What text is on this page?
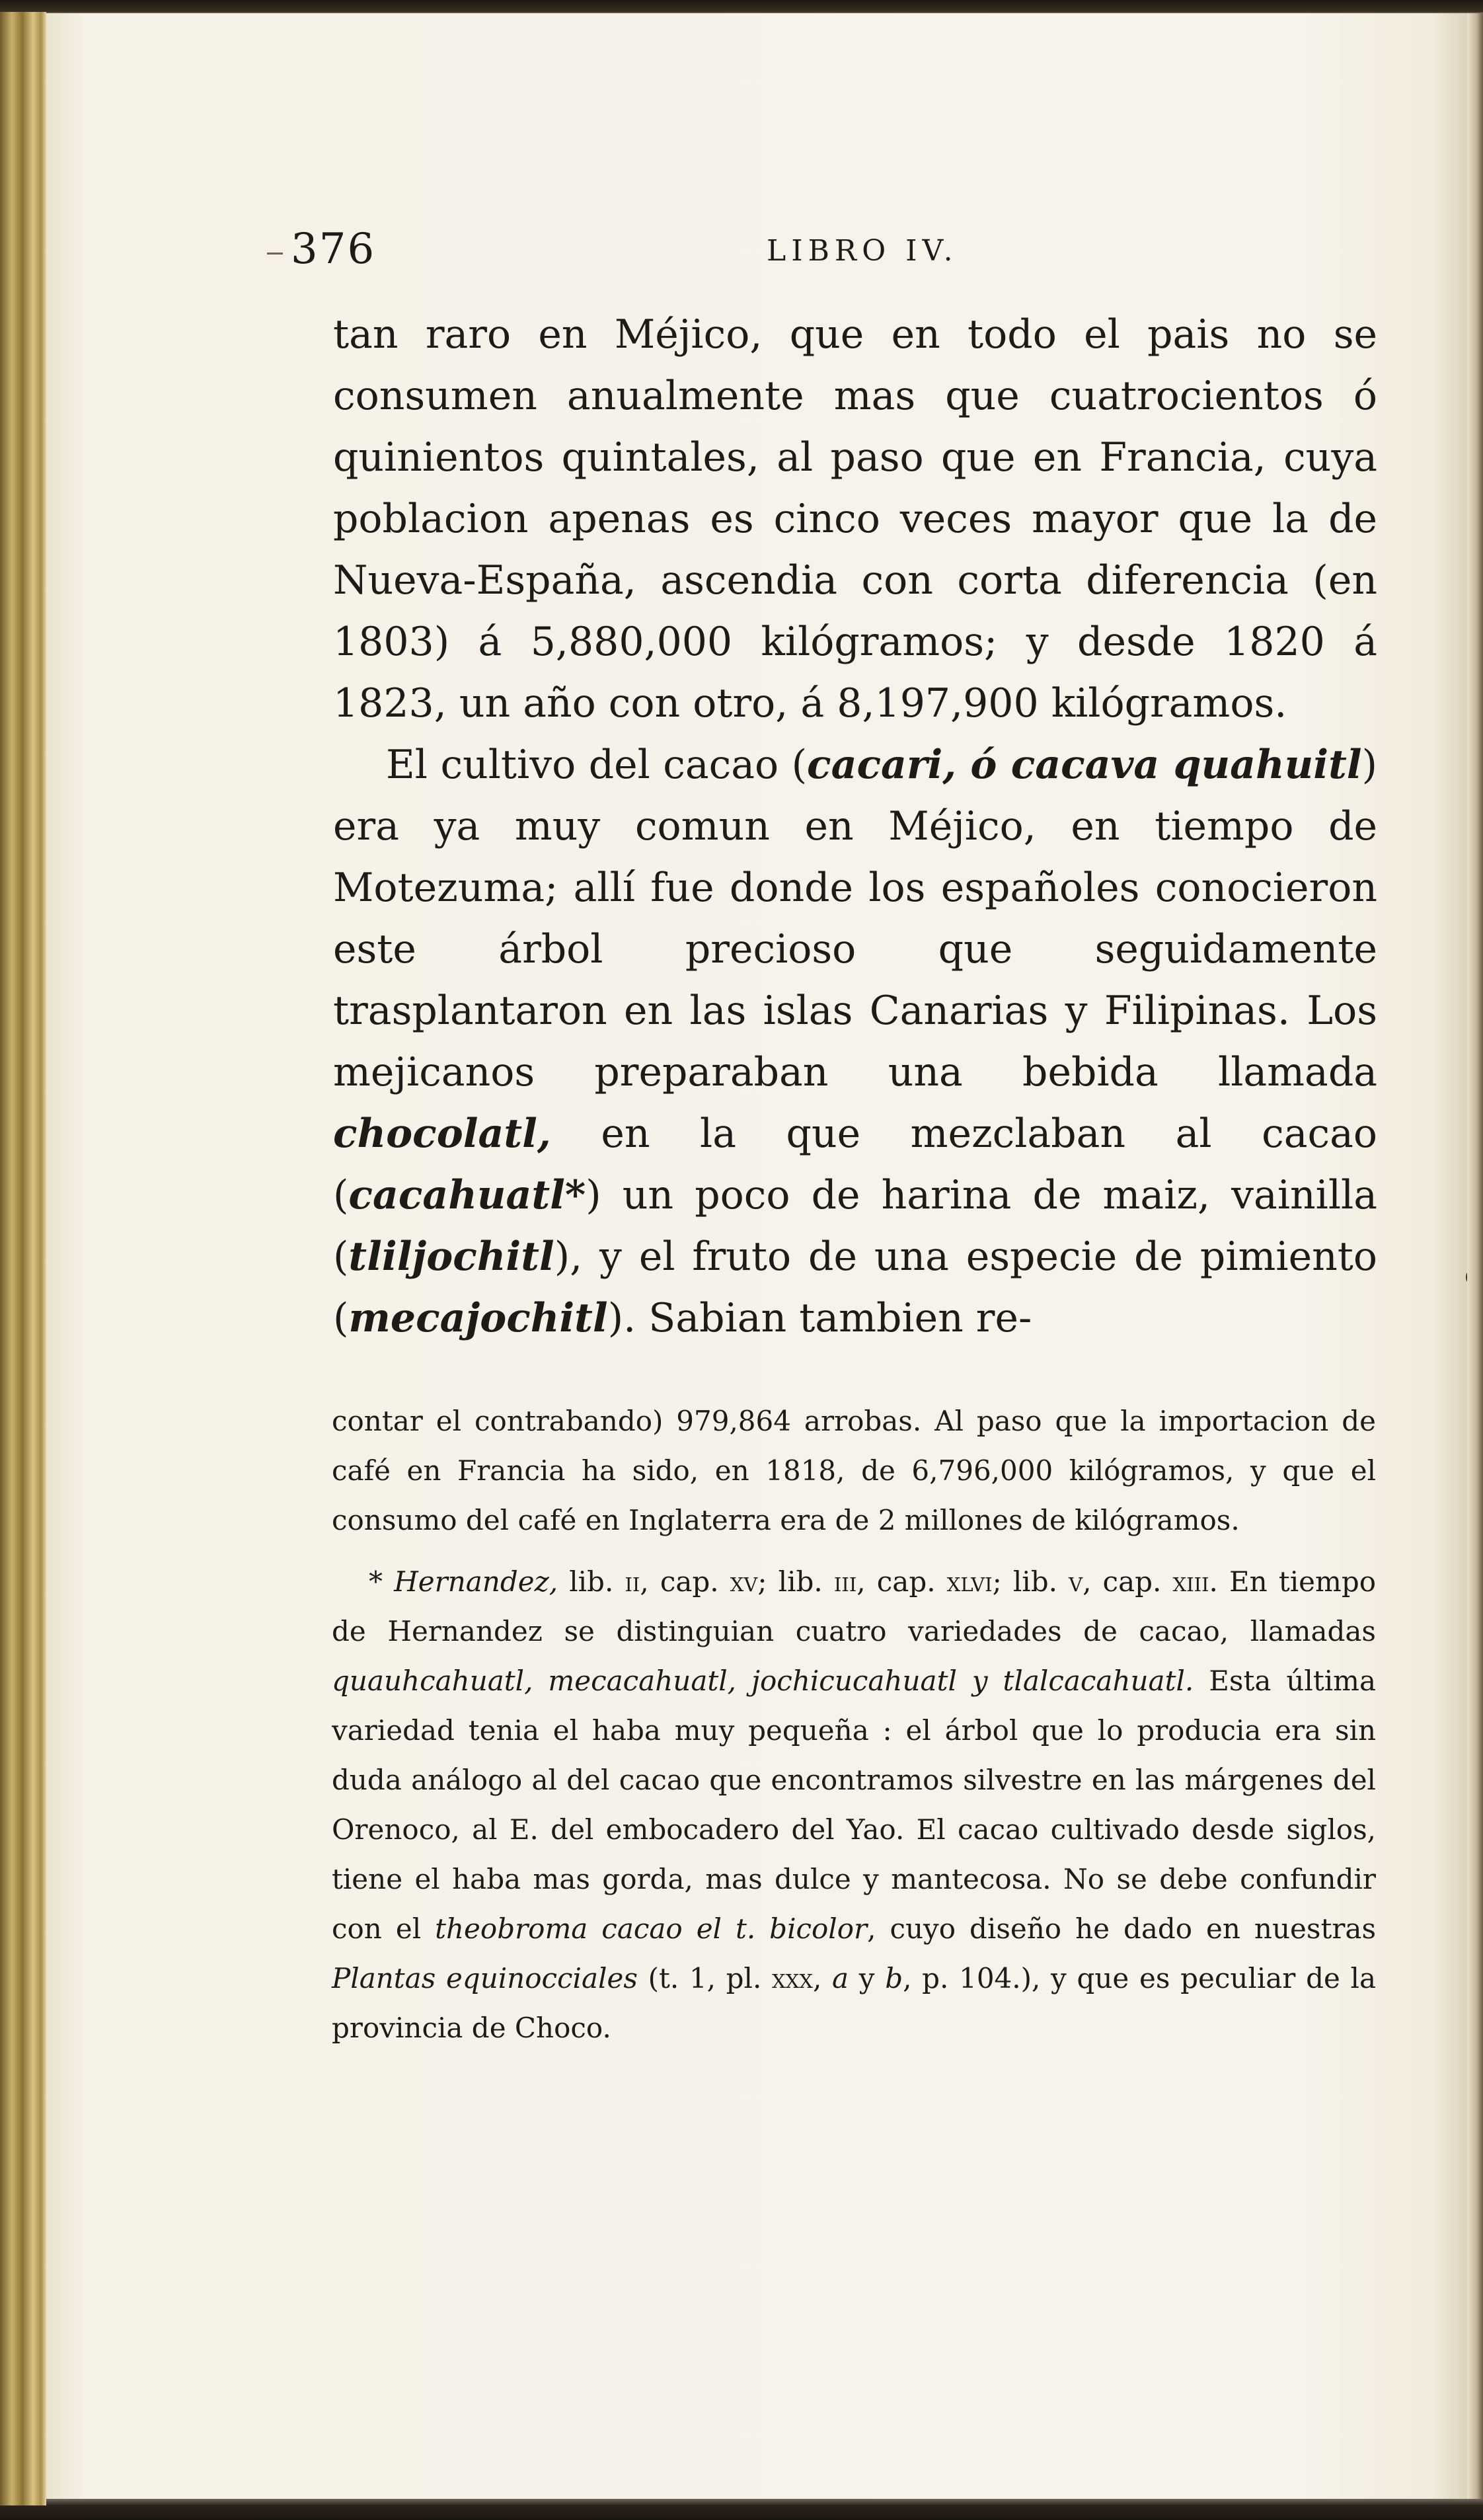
376	LIBRO IV.

tan raro en Méjico, que en todo el pais no se consumen anualmente mas que cuatrocientos ó quinientos quintales, al paso que en Francia, cuya poblacion apenas es cinco veces mayor que la de Nueva-España, ascendia con corta diferencia (en 1803) á 5,880,000 kilógramos; y desde 1820 á 1823, un año con otro, á 8,197,900 kilógramos.

El cultivo del cacao (cacari, ó cacava quahuitl) era ya muy comun en Méjico, en tiempo de Motezuma; allí fue donde los españoles conocieron este árbol precioso que seguidamente trasplantaron en las islas Canarias y Filipinas. Los mejicanos preparaban una bebida llamada chocolatl, en la que mezclaban al cacao (cacahuatl*) un poco de harina de maiz, vainilla (tliljochitl), y el fruto de una especie de pimiento (mecajochitl). Sabian tambien re-

contar el contrabando) 979,864 arrobas. Al paso que la importacion de café en Francia ha sido, en 1818, de 6,796,000 kilógramos, y que el consumo del café en Inglaterra era de 2 millones de kilógramos.

* Hernandez, lib. ii, cap. xv; lib. iii, cap. xlvi; lib. v, cap. xiii. En tiempo de Hernandez se distinguian cuatro variedades de cacao, llamadas quauhcahuatl, mecacahuatl, jochicucahuatl y tlalcacahuatl. Esta última variedad tenia el haba muy pequeña : el árbol que lo producia era sin duda análogo al del cacao que encontramos silvestre en las márgenes del Orenoco, al E. del embocadero del Yao. El cacao cultivado desde siglos, tiene el haba mas gorda, mas dulce y mantecosa. No se debe confundir con el theobroma cacao el t. bicolor, cuyo diseño he dado en nuestras Plantas equinocciales (t. 1, pl. xxx, a y b, p. 104.), y que es peculiar de la provincia de Choco.
